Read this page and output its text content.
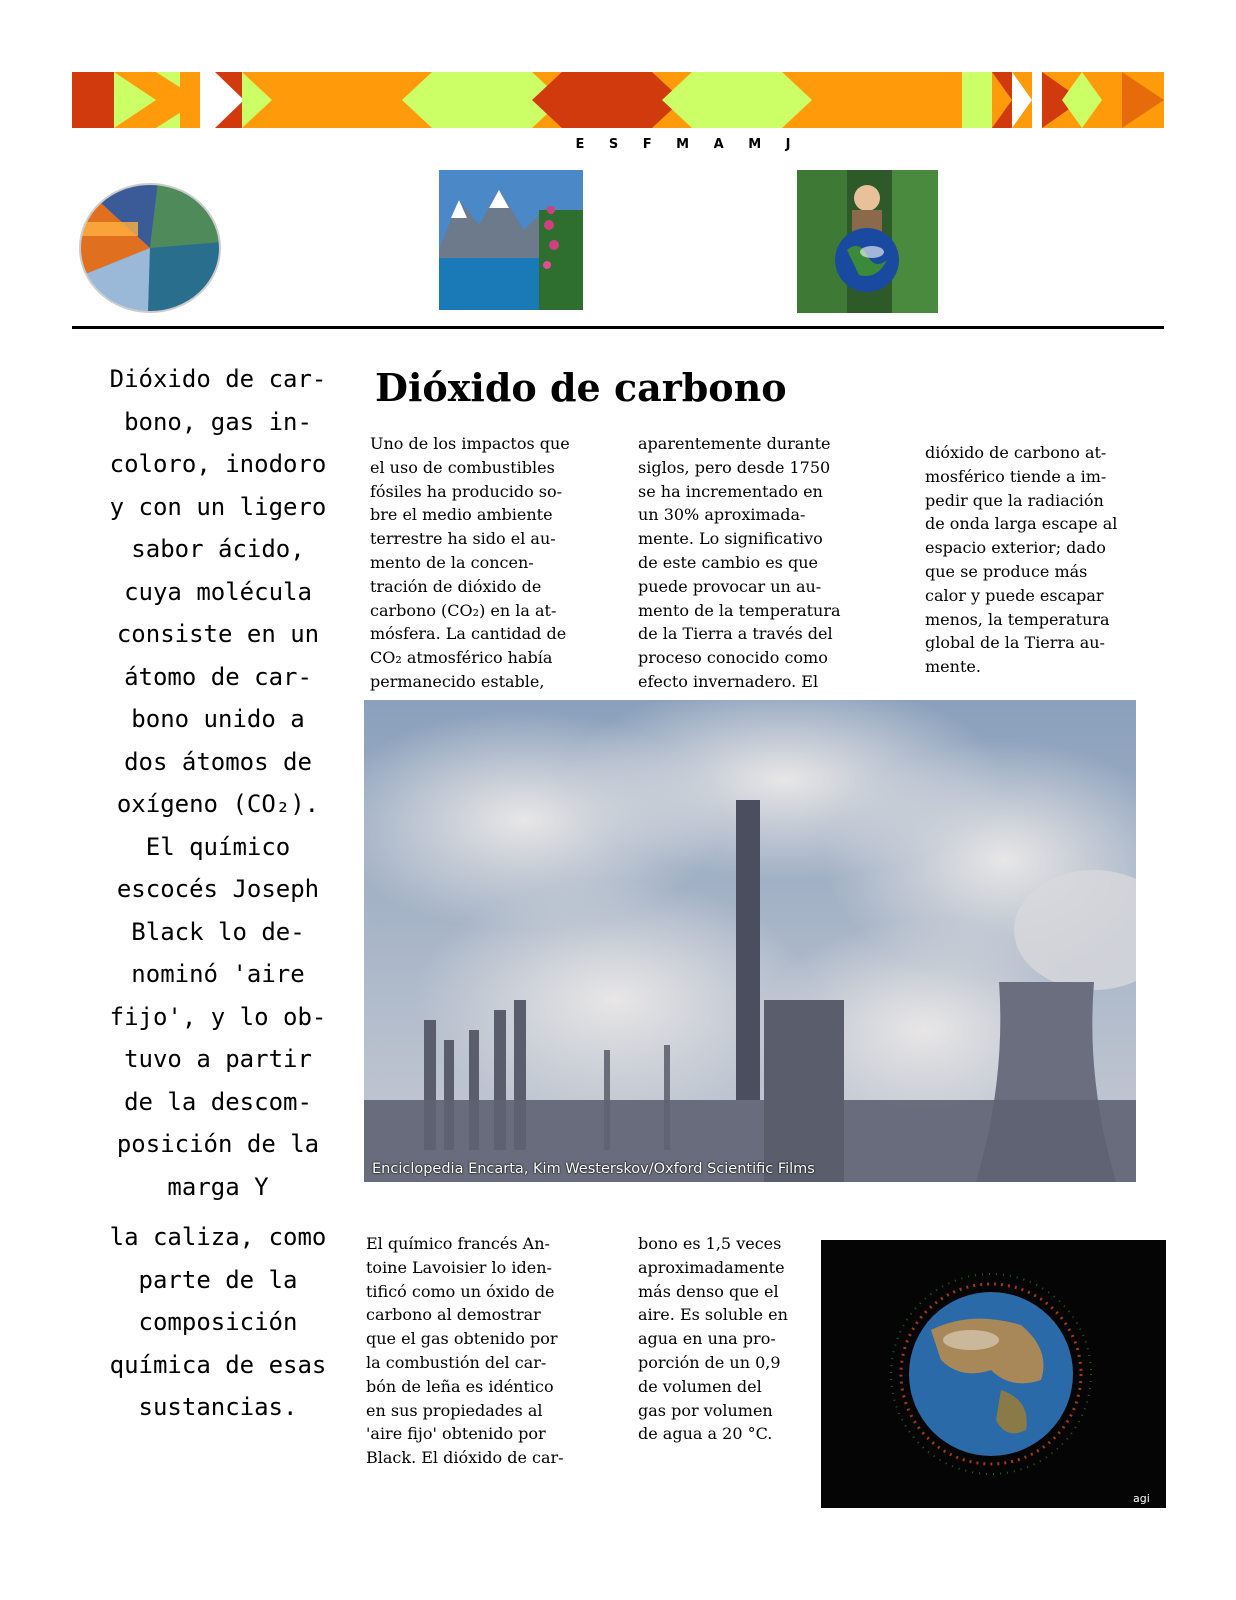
E S F M A M J

Dióxido de car-

bono, gas in-

coloro, inodoro

y con un ligero

sabor ácido,

cuya molécula

consiste en un

átomo de car-

bono unido a

dos átomos de

oxígeno (CO₂).

El químico

escocés Joseph

Black lo de-

nominó 'aire

fijo', y lo ob-

tuvo a partir

de la descom-

posición de la

marga Y

la caliza, como

parte de la

composición

química de esas

sustancias.

Dióxido de carbono

Uno de los impactos que

el uso de combustibles

fósiles ha producido so-

bre el medio ambiente

terrestre ha sido el au-

mento de la concen-

tración de dióxido de

carbono (CO₂) en la at-

mósfera. La cantidad de

CO₂ atmosférico había

permanecido estable,

aparentemente durante

siglos, pero desde 1750

se ha incrementado en

un 30% aproximada-

mente. Lo significativo

de este cambio es que

puede provocar un au-

mento de la temperatura

de la Tierra a través del

proceso conocido como

efecto invernadero. El

dióxido de carbono at-

mosférico tiende a im-

pedir que la radiación

de onda larga escape al

espacio exterior; dado

que se produce más

calor y puede escapar

menos, la temperatura

global de la Tierra au-

mente.

Enciclopedia Encarta, Kim Westerskov/Oxford Scientific Films

El químico francés An-

toine Lavoisier lo iden-

tificó como un óxido de

carbono al demostrar

que el gas obtenido por

la combustión del car-

bón de leña es idéntico

en sus propiedades al

'aire fijo' obtenido por

Black. El dióxido de car-

bono es 1,5 veces

aproximadamente

más denso que el

aire. Es soluble en

agua en una pro-

porción de un 0,9

de volumen del

gas por volumen

de agua a 20 °C.

agi
